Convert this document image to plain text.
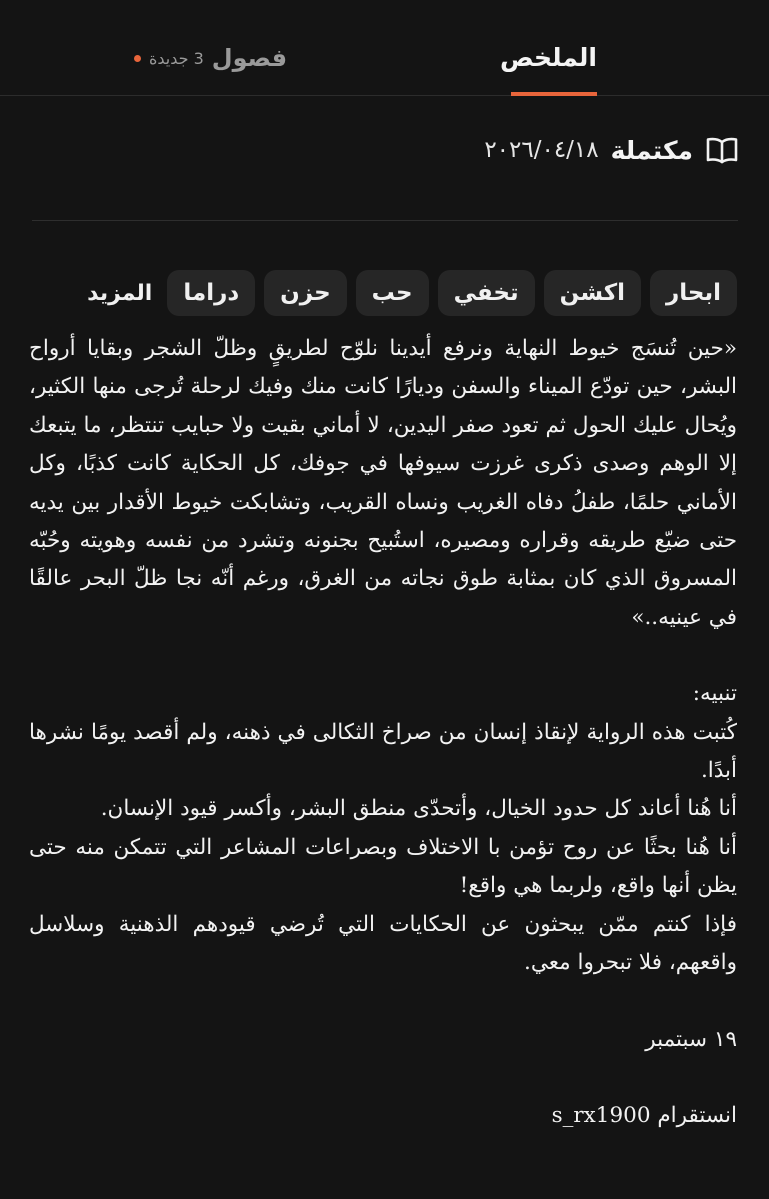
الملخص
فصول
3 جديدة
مكتملة
٢٠٢٦/٠٤/١٨
ابحار
اكشن
تخفي
حب
حزن
دراما
المزيد

«حين تُنسَج خيوط النهاية ونرفع أيدينا نلوّح لطريقٍ وظلّ الشجر وبقايا أرواح البشر، حين تودّع الميناء والسفن وديارًا كانت منك وفيك لرحلة تُرجى منها الكثير، ويُحال عليك الحول ثم تعود صفر اليدين، لا أماني بقيت ولا حبايب تنتظر، ما يتبعك إلا الوهم وصدى ذكرى غرزت سيوفها في جوفك، كل الحكاية كانت كذبًا، وكل الأماني حلمًا، طفلُ دفاه الغريب ونساه القريب، وتشابكت خيوط الأقدار بين يديه حتى ضيّع طريقه وقراره ومصيره، استُبيح بجنونه وتشرد من نفسه وهويته وحُبّه المسروق الذي كان بمثابة طوق نجاته من الغرق، ورغم أنّه نجا ظلّ البحر عالقًا في عينيه..»

تنبيه:

كُتبت هذه الرواية لإنقاذ إنسان من صراخ الثكالى في ذهنه، ولم أقصد يومًا نشرها أبدًا.

أنا هُنا أعاند كل حدود الخيال، وأتحدّى منطق البشر، وأكسر قيود الإنسان.

أنا هُنا بحثًا عن روح تؤمن با الاختلاف وبصراعات المشاعر التي تتمكن منه حتى يظن أنها واقع، ولربما هي واقع!

فإذا كنتم ممّن يبحثون عن الحكايات التي تُرضي قيودهم الذهنية وسلاسل واقعهم، فلا تبحروا معي.

١٩ سبتمبر

انستقرام s_rx1900
